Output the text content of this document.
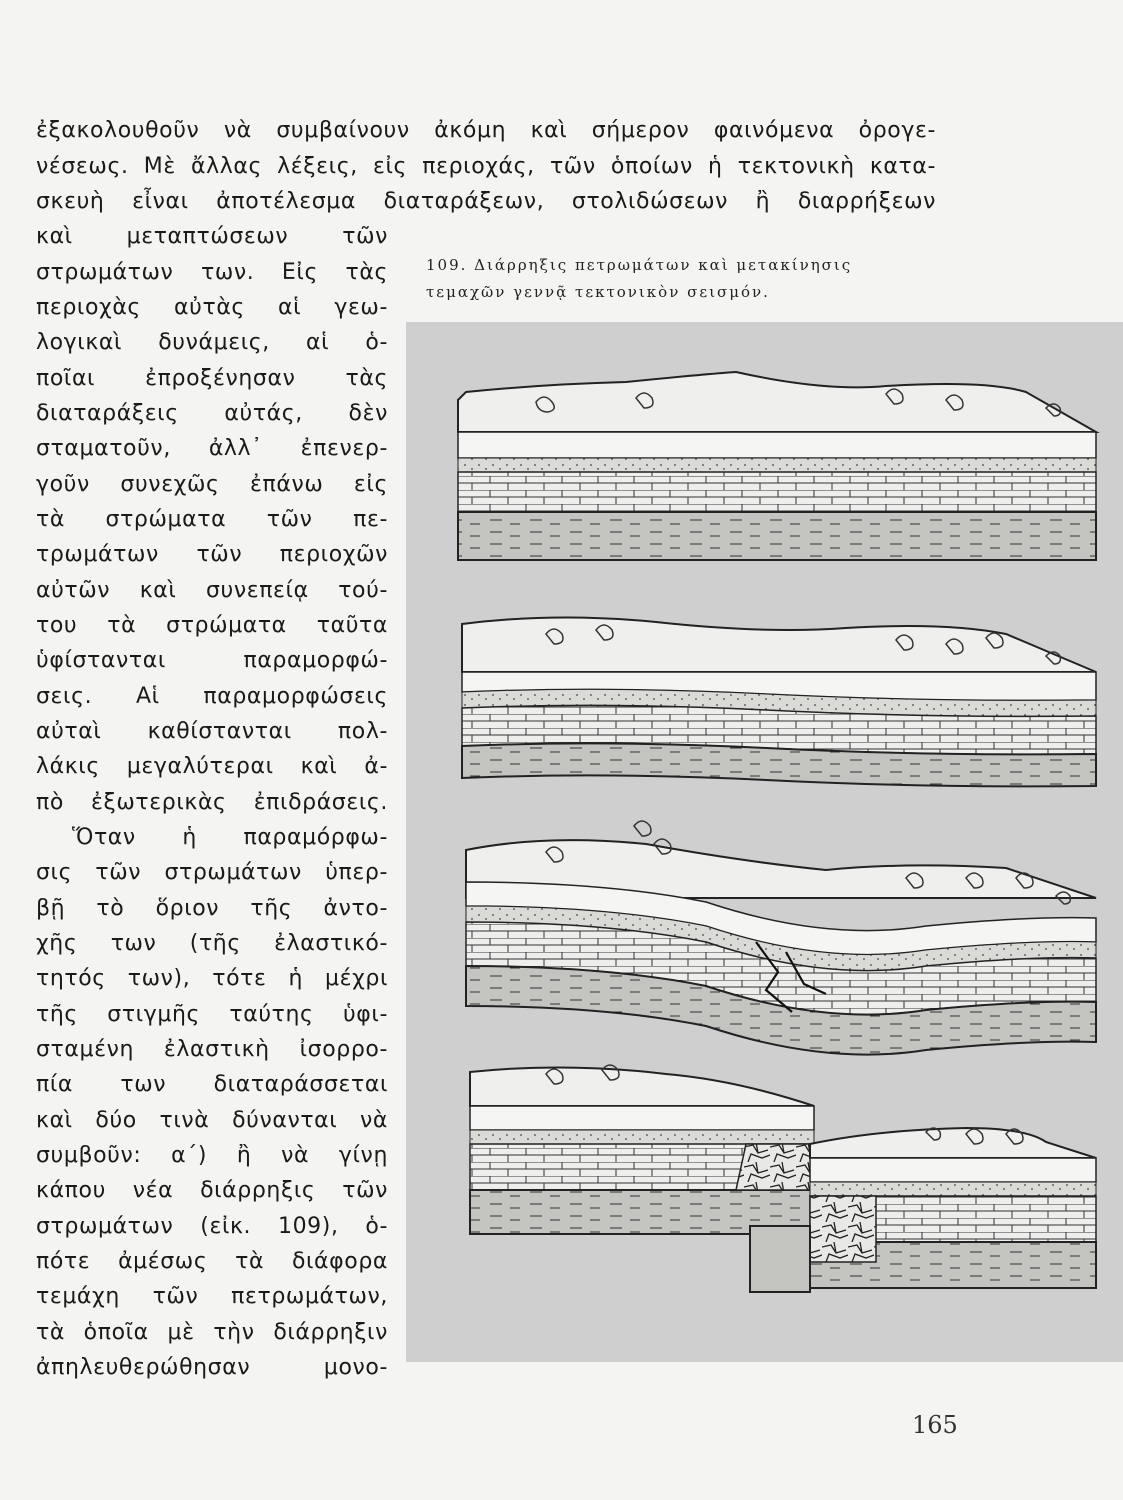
ἐξακολουθοῦν νὰ συμβαίνουν ἀκόμη καὶ σήμερον φαινόμενα ὀρογε-
νέσεως. Μὲ ἄλλας λέξεις, εἰς περιοχάς, τῶν ὁποίων ἡ τεκτονικὴ κατα-
σκευὴ εἶναι ἀποτέλεσμα διαταράξεων, στολιδώσεων ἢ διαρρήξεων
καὶ μεταπτώσεων τῶν
στρωμάτων των. Εἰς τὰς
περιοχὰς αὐτὰς αἱ γεω-
λογικαὶ δυνάμεις, αἱ ὁ-
ποῖαι ἐπροξένησαν τὰς
διαταράξεις αὐτάς, δὲν
σταματοῦν, ἀλλ᾽ ἐπενερ-
γοῦν συνεχῶς ἐπάνω εἰς
τὰ στρώματα τῶν πε-
τρωμάτων τῶν περιοχῶν
αὐτῶν καὶ συνεπείᾳ τού-
του τὰ στρώματα ταῦτα
ὑφίστανται παραμορφώ-
σεις. Αἱ παραμορφώσεις
αὐταὶ καθίστανται πολ-
λάκις μεγαλύτεραι καὶ ἀ-
πὸ ἐξωτερικὰς ἐπιδράσεις.
Ὅταν ἡ παραμόρφω-
σις τῶν στρωμάτων ὑπερ-
βῇ τὸ ὅριον τῆς ἀντο-
χῆς των (τῆς ἐλαστικό-
τητός των), τότε ἡ μέχρι
τῆς στιγμῆς ταύτης ὑφι-
σταμένη ἐλαστικὴ ἰσορρο-
πία των διαταράσσεται
καὶ δύο τινὰ δύνανται νὰ
συμβοῦν: α΄) ἢ νὰ γίνῃ
κάπου νέα διάρρηξις τῶν
στρωμάτων (εἰκ. 109), ὁ-
πότε ἀμέσως τὰ διάφορα
τεμάχη τῶν πετρωμάτων,
τὰ ὁποῖα μὲ τὴν διάρρηξιν
ἀπηλευθερώθησαν μονο-
109. Διάρρηξις πετρωμάτων καὶ μετακίνησις
τεμαχῶν γεννᾷ τεκτονικὸν σεισμόν.
165
